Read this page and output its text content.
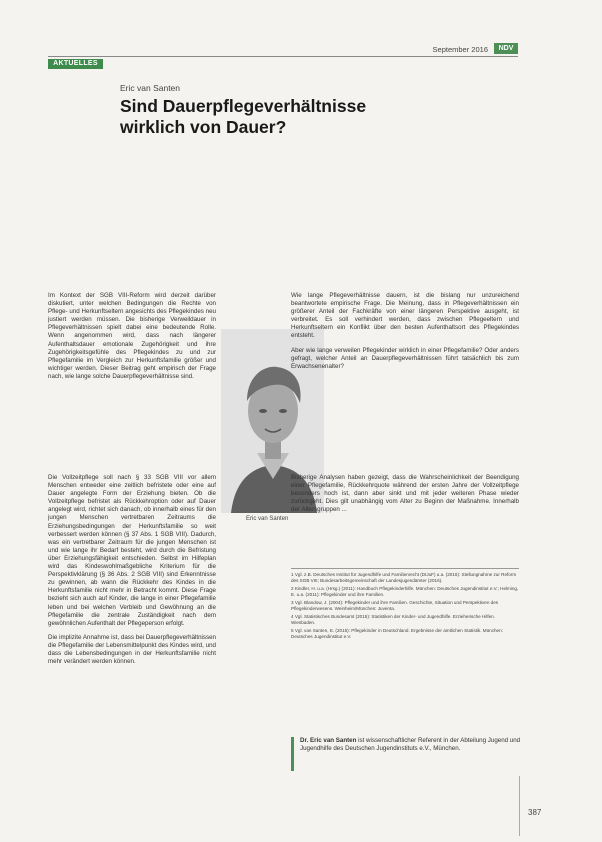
September 2016	NDV
AKTUELLES
Eric van Santen
Sind Dauerpflegeverhältnisse wirklich von Dauer?

Im Kontext der SGB VIII-Reform wird derzeit darüber diskutiert, unter welchen Bedingungen die Rechte von Pflege- und Herkunftseltern angesichts des Pflegekindes neu justiert werden müssen. Die bisherige Verweildauer in Pflegeverhältnissen spielt dabei eine bedeutende Rolle. Wenn angenommen wird, dass nach längerer Aufenthaltsdauer emotionale Zugehörigkeit und ihre Zugehörigkeitsgefühle des Pflegekindes zu und zur Pflegefamilie im Vergleich zur Herkunftsfamilie größer und wichtiger werden. Dieser Beitrag geht empirisch der Frage nach, wie lange solche Dauerpflegeverhältnisse sind.

Die Vollzeitpflege soll nach § 33 SGB VIII vor allem Menschen entweder eine zeitlich befristete oder eine auf Dauer angelegte Form der Erziehung bieten. Ob die Vollzeitpflege befristet als Rückkehroption oder auf Dauer angelegt wird, richtet sich danach, ob innerhalb eines für den jungen Menschen vertretbaren Zeitraums die Erziehungsbedingungen der Herkunftsfamilie so weit verbessert werden können (§ 37 Abs. 1 SGB VIII). Dadurch, was ein vertretbarer Zeitraum für die jungen Menschen ist und wie lange ihr Bedarf besteht, wird durch die Befristung über Erziehungsfähigkeit entschieden. Selbst im Hilfeplan wird das Kindeswohlmaßgebliche Kriterium für die Perspektivklärung (§ 36 Abs. 2 SGB VIII) sind Erkenntnisse zu gewinnen, ab wann die Rückkehr des Kindes in die Herkunftsfamilie nicht mehr in Betracht kommt. Diese Frage bezieht sich auch auf Kinder, die lange in einer Pflegefamilie leben und bei welchen Verbleib und Gewöhnung an die Pflegefamilie die zentrale Zuständigkeit nach dem gewöhnlichen Aufenthalt der Pflegeperson erfolgt.

Die implizite Annahme ist, dass bei Dauerpflegeverhältnissen die Pflegefamilie der Lebensmittelpunkt des Kindes wird, und dass die Lebensbedingungen in der Herkunftsfamilie nicht mehr verändert werden können.

Eric van Santen

Wie lange Pflegeverhältnisse dauern, ist die bislang nur unzureichend beantwortete empirische Frage. Die Meinung, dass in Pflegeverhältnissen ein größerer Anteil der Fachkräfte von einer längeren Perspektive ausgeht, ist verbreitet. Es soll verhindert werden, dass zwischen Pflegeeltern und Herkunftseltern ein Konflikt über den besten Aufenthaltsort des Pflegekindes entsteht.

Aber wie lange verweilen Pflegekinder wirklich in einer Pflegefamilie? Oder anders gefragt, welcher Anteil an Dauerpflegeverhältnissen führt tatsächlich bis zum Erwachsenenalter?

Bisherige Analysen haben gezeigt, dass die Wahrscheinlichkeit der Beendigung einer Pflegefamilie, Rückkehrquote während der ersten Jahre der Vollzeitpflege besonders hoch ist, dann aber sinkt und mit jeder weiteren Phase wieder zurückgeht. Dies gilt unabhängig vom Alter zu Beginn der Maßnahme. Innerhalb der Altersgruppen ...

1 Vgl. z.B. Deutsches Institut für Jugendhilfe und Familienrecht (DIJuF) u.a. (2016): Stellungnahme zur Reform des SGB VIII; Bundesarbeitsgemeinschaft der Landesjugendämter (2016).

2 Kindler, H. u.a. (Hrsg.) (2011): Handbuch Pflegekinderhilfe. München: Deutsches Jugendinstitut e.V.; Helming, E. u.a. (2011): Pflegekinder und ihre Familien.

3 Vgl. Blandow, J. (2004): Pflegekinder und ihre Familien. Geschichte, Situation und Perspektiven des Pflegekinderwesens. Weinheim/München: Juventa.

4 Vgl. Statistisches Bundesamt (2015): Statistiken der Kinder- und Jugendhilfe. Erzieherische Hilfen. Wiesbaden.

5 Vgl. van Santen, E. (2015): Pflegekinder in Deutschland. Ergebnisse der amtlichen Statistik. München: Deutsches Jugendinstitut e.V.

Dr. Eric van Santen ist wissenschaftlicher Referent in der Abteilung Jugend und Jugendhilfe des Deutschen Jugendinstituts e.V., München.
387
